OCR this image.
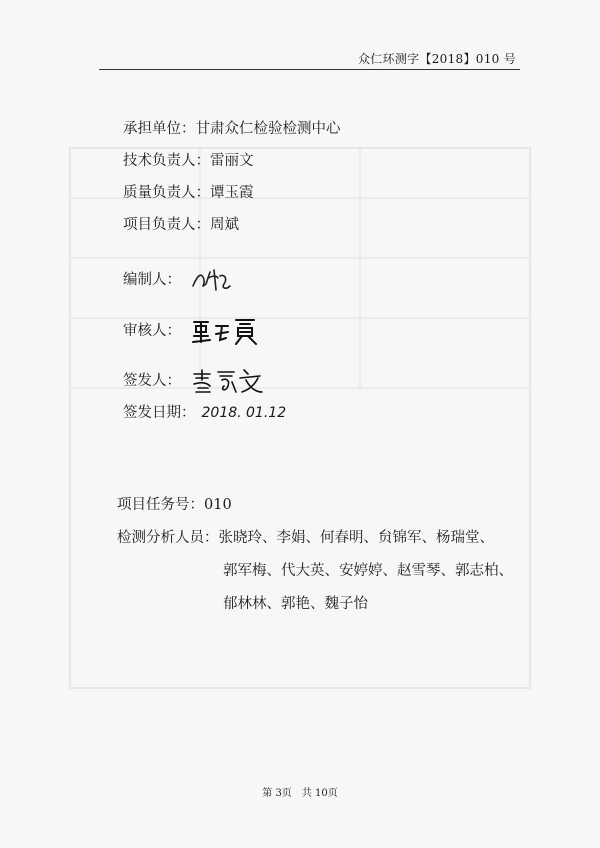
众仁环测字【2018】010 号
承担单位：甘肃众仁检验检测中心
技术负责人：雷丽文
质量负责人：谭玉霞
项目负责人：周斌
编制人：
审核人：
签发人：
签发日期： 2018. 01.12
项目任务号：010
检测分析人员：张晓玲、李娟、何春明、贠锦军、杨瑞堂、
郭军梅、代大英、安婷婷、赵雪琴、郭志柏、
郁林林、郭艳、魏子怡
第 3页　共 10页
